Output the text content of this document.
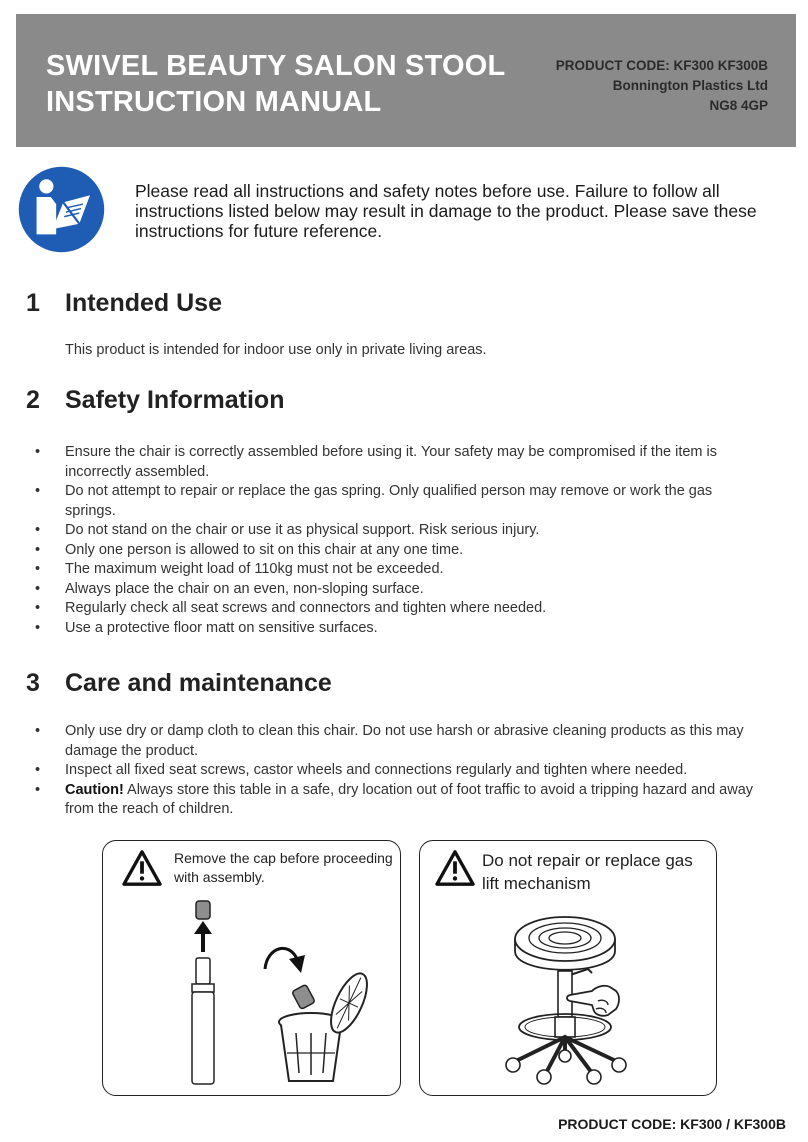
SWIVEL BEAUTY SALON STOOL
INSTRUCTION MANUAL
PRODUCT CODE: KF300 KF300B
Bonnington Plastics Ltd
NG8 4GP
Please read all instructions and safety notes before use. Failure to follow all instructions listed below may result in damage to the product. Please save these instructions for future reference.
1 Intended Use
This product is intended for indoor use only in private living areas.
2 Safety Information
• Ensure the chair is correctly assembled before using it. Your safety may be compromised if the item is incorrectly assembled.
• Do not attempt to repair or replace the gas spring. Only qualified person may remove or work the gas springs.
• Do not stand on the chair or use it as physical support. Risk serious injury.
• Only one person is allowed to sit on this chair at any one time.
• The maximum weight load of 110kg must not be exceeded.
• Always place the chair on an even, non-sloping surface.
• Regularly check all seat screws and connectors and tighten where needed.
• Use a protective floor matt on sensitive surfaces.
3 Care and maintenance
• Only use dry or damp cloth to clean this chair. Do not use harsh or abrasive cleaning products as this may damage the product.
• Inspect all fixed seat screws, castor wheels and connections regularly and tighten where needed.
• Caution! Always store this table in a safe, dry location out of foot traffic to avoid a tripping hazard and away from the reach of children.
Remove the cap before proceeding with assembly.
Do not repair or replace gas lift mechanism
PRODUCT CODE: KF300 / KF300B
